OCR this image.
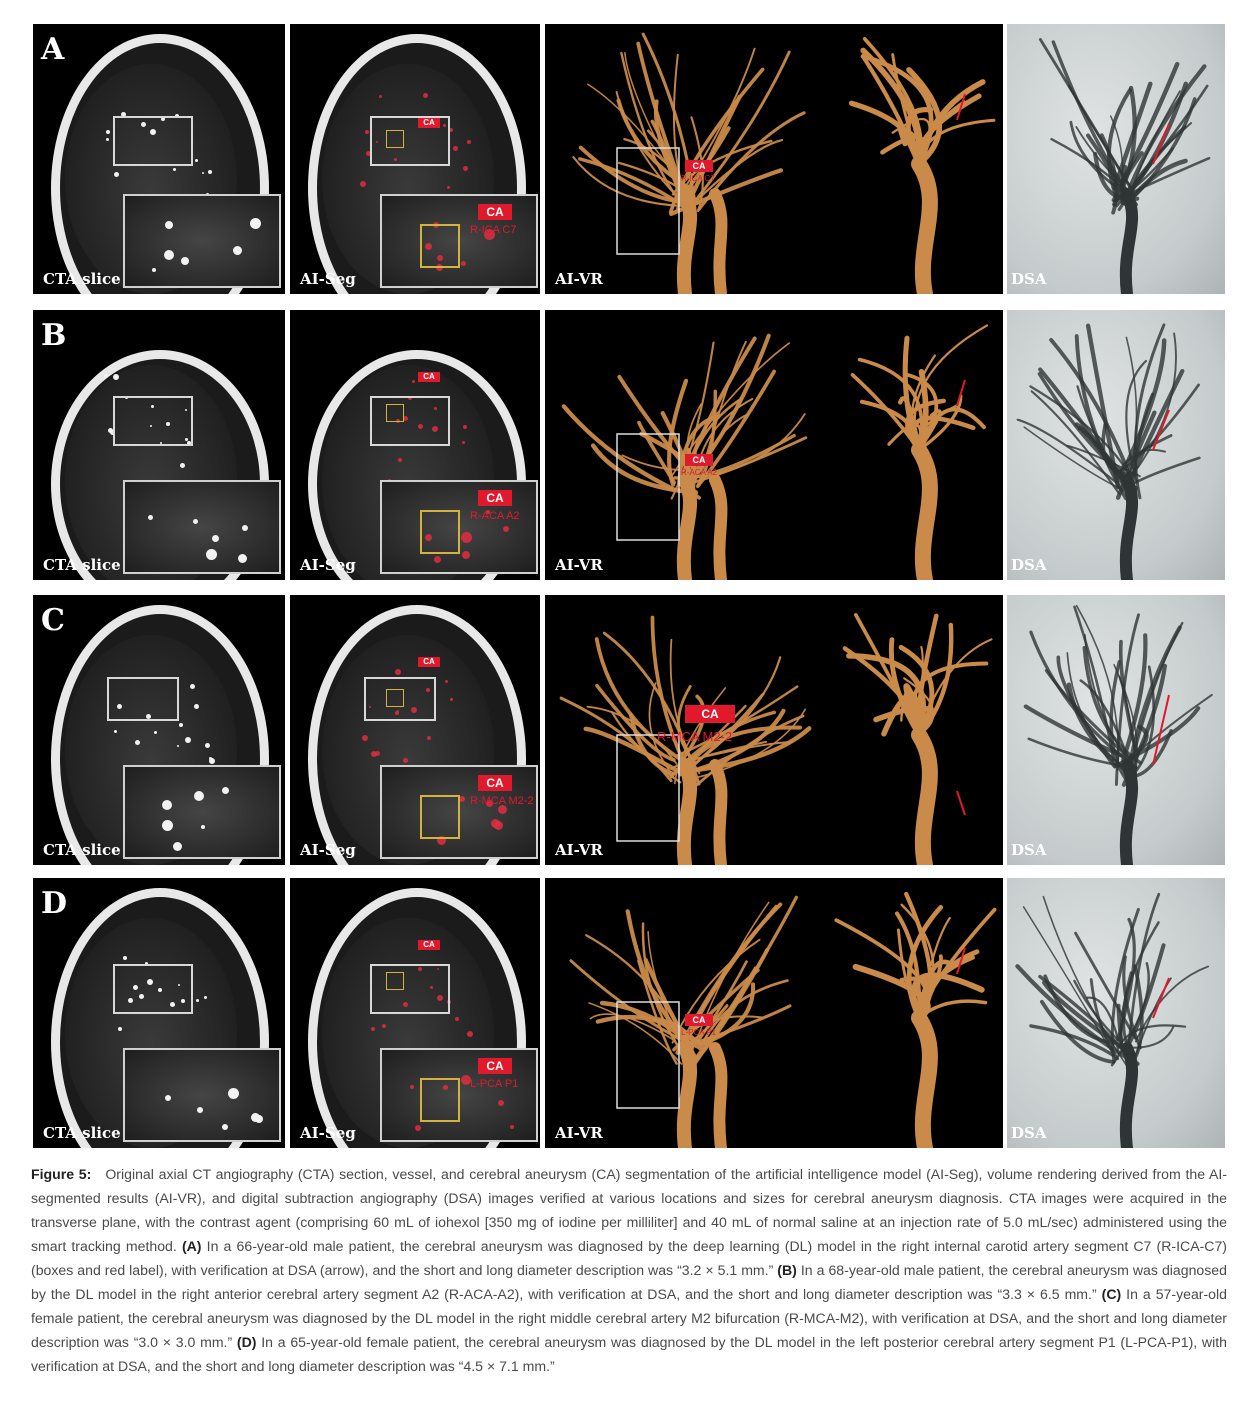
CTA slice
A
CA
R-ICA C7
CA
AI-Seg
CA
R-ICA C7
AI-VR	DSA
CTA slice
B
CA
R-ACA A2
CA
AI-Seg
CA
R-ACA A2
AI-VR	DSA
CTA slice
C
CA
R-MCA M2-2
CA
AI-Seg
CA
R-MCA M2-2
AI-VR	DSA
CTA slice
D
CA
L-PCA P1
CA
AI-Seg
CA
L-PCA P1
AI-VR	DSA
Figure 5: Original axial CT angiography (CTA) section, vessel, and cerebral aneurysm (CA) segmentation of the artificial intelligence model (AI-Seg), volume rendering derived from the AI-segmented results (AI-VR), and digital subtraction angiography (DSA) images verified at various locations and sizes for cerebral aneurysm diagnosis. CTA images were acquired in the transverse plane, with the contrast agent (comprising 60 mL of iohexol [350 mg of iodine per milliliter] and 40 mL of normal saline at an injection rate of 5.0 mL/sec) administered using the smart tracking method. (A) In a 66-year-old male patient, the cerebral aneurysm was diagnosed by the deep learning (DL) model in the right internal carotid artery segment C7 (R-ICA-C7) (boxes and red label), with verification at DSA (arrow), and the short and long diameter description was “3.2 × 5.1 mm.” (B) In a 68-year-old male patient, the cerebral aneurysm was diagnosed by the DL model in the right anterior cerebral artery segment A2 (R-ACA-A2), with verification at DSA, and the short and long diameter description was “3.3 × 6.5 mm.” (C) In a 57-year-old female patient, the cerebral aneurysm was diagnosed by the DL model in the right middle cerebral artery M2 bifurcation (R-MCA-M2), with verification at DSA, and the short and long diameter description was “3.0 × 3.0 mm.” (D) In a 65-year-old female patient, the cerebral aneurysm was diagnosed by the DL model in the left posterior cerebral artery segment P1 (L-PCA-P1), with verification at DSA, and the short and long diameter description was “4.5 × 7.1 mm.”
